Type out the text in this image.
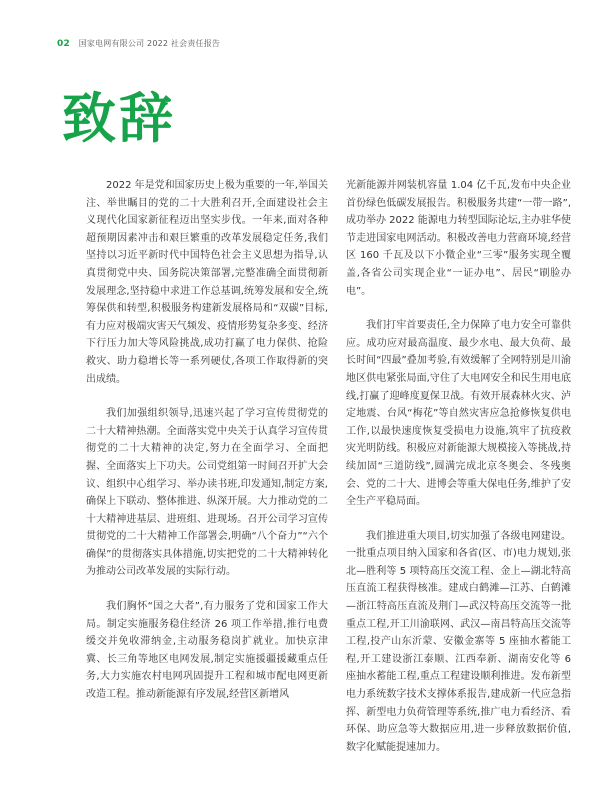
02 国家电网有限公司 2022 社会责任报告
致辞

2022 年是党和国家历史上极为重要的一年,举国关注、举世瞩目的党的二十大胜利召开,全面建设社会主义现代化国家新征程迈出坚实步伐。一年来,面对各种超预期因素冲击和艰巨繁重的改革发展稳定任务,我们坚持以习近平新时代中国特色社会主义思想为指导,认真贯彻党中央、国务院决策部署,完整准确全面贯彻新发展理念,坚持稳中求进工作总基调,统筹发展和安全,统筹保供和转型,积极服务构建新发展格局和“双碳”目标,有力应对极端灾害天气频发、疫情形势复杂多变、经济下行压力加大等风险挑战,成功打赢了电力保供、抢险救灾、助力稳增长等一系列硬仗,各项工作取得新的突出成绩。

我们加强组织领导,迅速兴起了学习宣传贯彻党的二十大精神热潮。全面落实党中央关于认真学习宣传贯彻党的二十大精神的决定,努力在全面学习、全面把握、全面落实上下功夫。公司党组第一时间召开扩大会议、组织中心组学习、举办读书班,印发通知,制定方案,确保上下联动、整体推进、纵深开展。大力推动党的二十大精神进基层、进班组、进现场。召开公司学习宣传贯彻党的二十大精神工作部署会,明确“八个奋力”“六个确保”的贯彻落实具体措施,切实把党的二十大精神转化为推动公司改革发展的实际行动。

我们胸怀“国之大者”,有力服务了党和国家工作大局。制定实施服务稳住经济 26 项工作举措,推行电费缓交并免收滞纳金,主动服务稳岗扩就业。加快京津冀、长三角等地区电网发展,制定实施援疆援藏重点任务,大力实施农村电网巩固提升工程和城市配电网更新改造工程。推动新能源有序发展,经营区新增风

光新能源并网装机容量 1.04 亿千瓦,发布中央企业首份绿色低碳发展报告。积极服务共建“一带一路”,成功举办 2022 能源电力转型国际论坛,主办驻华使节走进国家电网活动。积极改善电力营商环境,经营区 160 千瓦及以下小微企业“三零”服务实现全覆盖,各省公司实现企业“一证办电”、居民“刷脸办电”。

我们打牢首要责任,全力保障了电力安全可靠供应。成功应对最高温度、最少水电、最大负荷、最长时间“四最”叠加考验,有效缓解了全网特别是川渝地区供电紧张局面,守住了大电网安全和民生用电底线,打赢了迎峰度夏保卫战。有效开展森林火灾、泸定地震、台风“梅花”等自然灾害应急抢修恢复供电工作,以最快速度恢复受损电力设施,筑牢了抗疫救灾光明防线。积极应对新能源大规模接入等挑战,持续加固“三道防线”,圆满完成北京冬奥会、冬残奥会、党的二十大、进博会等重大保电任务,维护了安全生产平稳局面。

我们推进重大项目,切实加强了各级电网建设。一批重点项目纳入国家和各省(区、市)电力规划,张北—胜利等 5 项特高压交流工程、金上—湖北特高压直流工程获得核准。建成白鹤滩—江苏、白鹤滩—浙江特高压直流及荆门—武汉特高压交流等一批重点工程,开工川渝联网、武汉—南昌特高压交流等工程,投产山东沂蒙、安徽金寨等 5 座抽水蓄能工程,开工建设浙江泰顺、江西奉新、湖南安化等 6 座抽水蓄能工程,重点工程建设顺利推进。发布新型电力系统数字技术支撑体系报告,建成新一代应急指挥、新型电力负荷管理等系统,推广电力看经济、看环保、助应急等大数据应用,进一步释放数据价值,数字化赋能提速加力。
